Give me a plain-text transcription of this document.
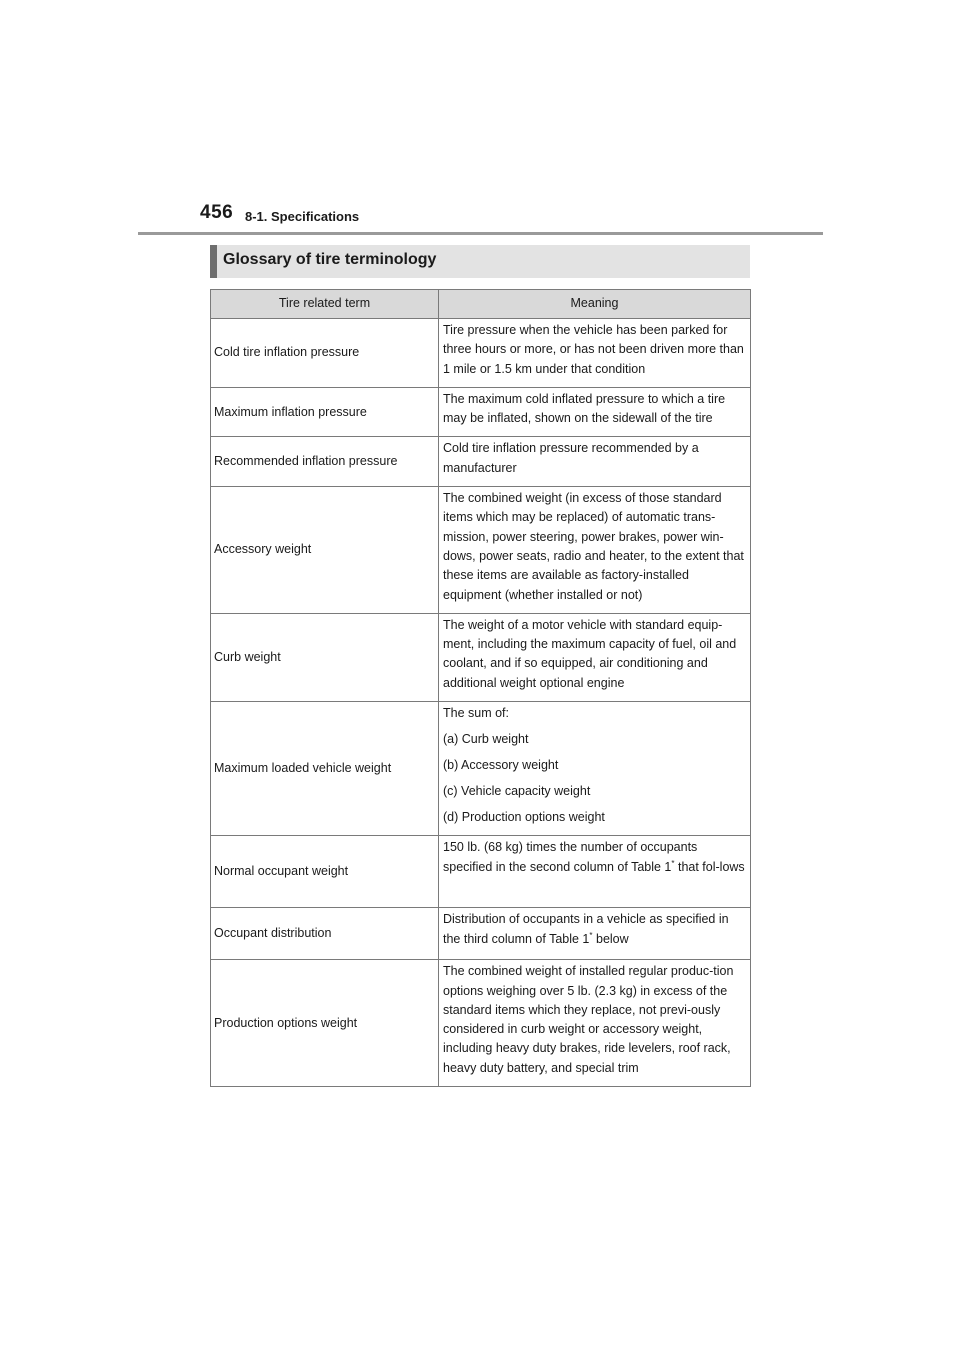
456 8-1. Specifications
Glossary of tire terminology
Tire related term	Meaning
Cold tire inflation pressure	Tire pressure when the vehicle has been parked for three hours or more, or has not been driven more than 1 mile or 1.5 km under that condition
Maximum inflation pressure	The maximum cold inflated pressure to which a tire may be inflated, shown on the sidewall of the tire
Recommended inflation pressure	Cold tire inflation pressure recommended by a manufacturer
Accessory weight	The combined weight (in excess of those standard items which may be replaced) of automatic trans-mission, power steering, power brakes, power win-dows, power seats, radio and heater, to the extent that these items are available as factory-installed equipment (whether installed or not)
Curb weight	The weight of a motor vehicle with standard equip-ment, including the maximum capacity of fuel, oil and coolant, and if so equipped, air conditioning and additional weight optional engine
Maximum loaded vehicle weight	The sum of:
(a) Curb weight
(b) Accessory weight
(c) Vehicle capacity weight
(d) Production options weight

Normal occupant weight	150 lb. (68 kg) times the number of occupants specified in the second column of Table 1* that fol-lows
Occupant distribution	Distribution of occupants in a vehicle as specified in the third column of Table 1* below
Production options weight	The combined weight of installed regular produc-tion options weighing over 5 lb. (2.3 kg) in excess of the standard items which they replace, not previ-ously considered in curb weight or accessory weight, including heavy duty brakes, ride levelers, roof rack, heavy duty battery, and special trim
